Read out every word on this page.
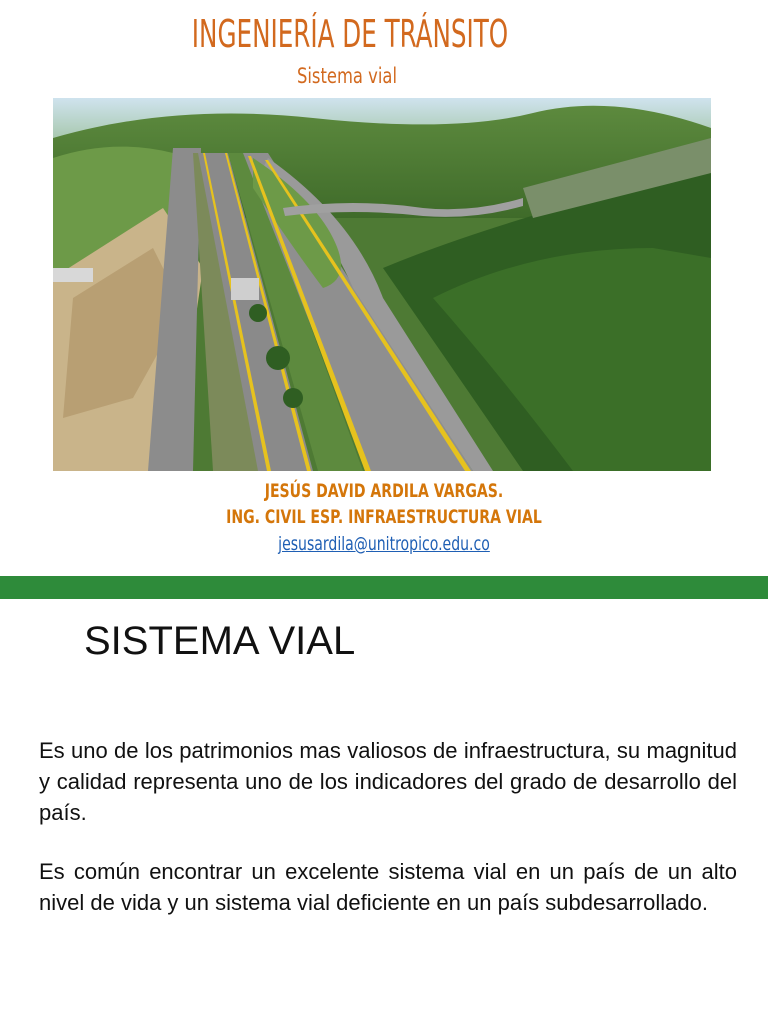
INGENIERÍA DE TRÁNSITO
Sistema vial
JESÚS DAVID ARDILA VARGAS.
ING. CIVIL ESP. INFRAESTRUCTURA VIAL
jesusardila@unitropico.edu.co
SISTEMA VIAL
Es uno de los patrimonios mas valiosos de infraestructura, su magnitud y calidad representa uno de los indicadores del grado de desarrollo del país.
Es común encontrar un excelente sistema vial en un país de un alto nivel de vida y un sistema vial deficiente en un país subdesarrollado.
